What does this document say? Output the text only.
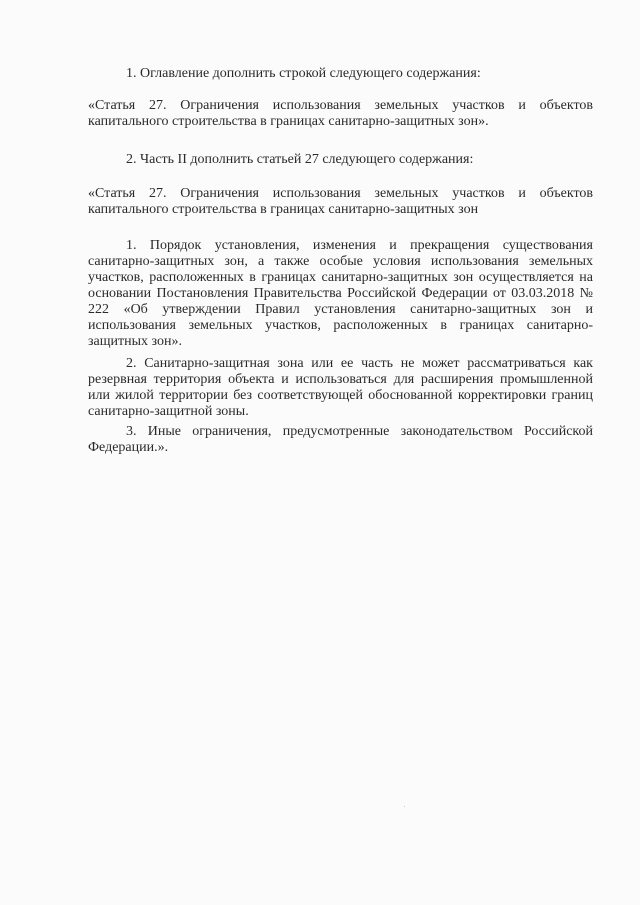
1. Оглавление дополнить строкой следующего содержания:

«Статья 27. Ограничения использования земельных участков и объектов капитального строительства в границах санитарно-защитных зон».

2. Часть II дополнить статьей 27 следующего содержания:

«Статья 27. Ограничения использования земельных участков и объектов капитального строительства в границах санитарно-защитных зон

1. Порядок установления, изменения и прекращения существования санитарно-защитных зон, а также особые условия использования земельных участков, расположенных в границах санитарно-защитных зон осуществляется на основании Постановления Правительства Российской Федерации от 03.03.2018 № 222 «Об утверждении Правил установления санитарно-защитных зон и использования земельных участков, расположенных в границах санитарно-защитных зон».

2. Санитарно-защитная зона или ее часть не может рассматриваться как резервная территория объекта и использоваться для расширения промышленной или жилой территории без соответствующей обоснованной корректировки границ санитарно-защитной зоны.

3. Иные ограничения, предусмотренные законодательством Российской Федерации.».
